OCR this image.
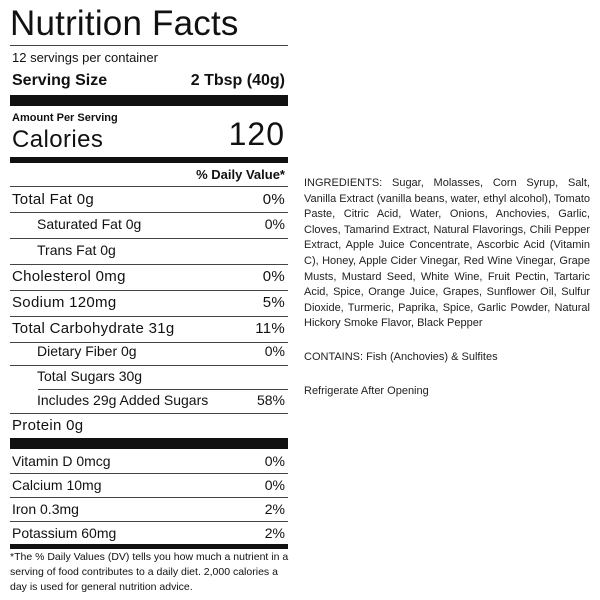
Nutrition Facts
12 servings per container
Serving Size	2 Tbsp (40g)
Amount Per Serving
Calories	120
% Daily Value*
Total Fat 0g	0%
Saturated Fat 0g	0%
Trans Fat 0g
Cholesterol 0mg	0%
Sodium 120mg	5%
Total Carbohydrate 31g	11%
Dietary Fiber 0g	0%
Total Sugars 30g
Includes 29g Added Sugars	58%
Protein 0g
Vitamin D 0mcg	0%
Calcium 10mg	0%
Iron 0.3mg	2%
Potassium 60mg	2%
*The % Daily Values (DV) tells you how much a nutrient in a serving of food contributes to a daily diet. 2,000 calories a day is used for general nutrition advice.

INGREDIENTS: Sugar, Molasses, Corn Syrup, Salt, Vanilla Extract (vanilla beans, water, ethyl alcohol), Tomato Paste, Citric Acid, Water, Onions, Anchovies, Garlic, Cloves, Tamarind Extract, Natural Flavorings, Chili Pepper Extract, Apple Juice Concentrate, Ascorbic Acid (Vitamin C), Honey, Apple Cider Vinegar, Red Wine Vinegar, Grape Musts, Mustard Seed, White Wine, Fruit Pectin, Tartaric Acid, Spice, Orange Juice, Grapes, Sunflower Oil, Sulfur Dioxide, Turmeric, Paprika, Spice, Garlic Powder, Natural Hickory Smoke Flavor, Black Pepper

CONTAINS: Fish (Anchovies) & Sulfites

Refrigerate After Opening
